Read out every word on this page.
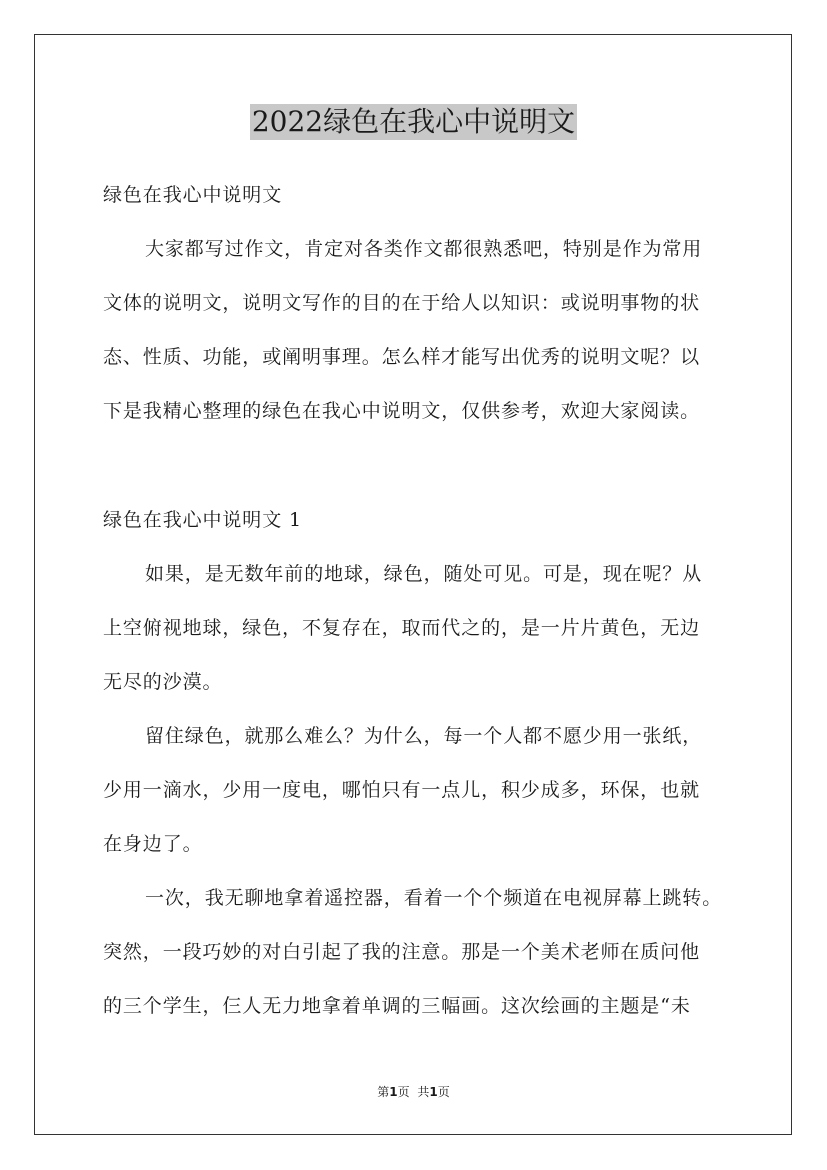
2022绿色在我心中说明文
绿色在我心中说明文
大家都写过作文，肯定对各类作文都很熟悉吧，特别是作为常用
文体的说明文，说明文写作的目的在于给人以知识：或说明事物的状
态、性质、功能，或阐明事理。怎么样才能写出优秀的说明文呢？以
下是我精心整理的绿色在我心中说明文，仅供参考，欢迎大家阅读。
绿色在我心中说明文 1
如果，是无数年前的地球，绿色，随处可见。可是，现在呢？从
上空俯视地球，绿色，不复存在，取而代之的，是一片片黄色，无边
无尽的沙漠。
留住绿色，就那么难么？为什么，每一个人都不愿少用一张纸，
少用一滴水，少用一度电，哪怕只有一点儿，积少成多，环保，也就
在身边了。
一次，我无聊地拿着遥控器，看着一个个频道在电视屏幕上跳转。
突然，一段巧妙的对白引起了我的注意。那是一个美术老师在质问他
的三个学生，仨人无力地拿着单调的三幅画。这次绘画的主题是“未
第1页 共1页
